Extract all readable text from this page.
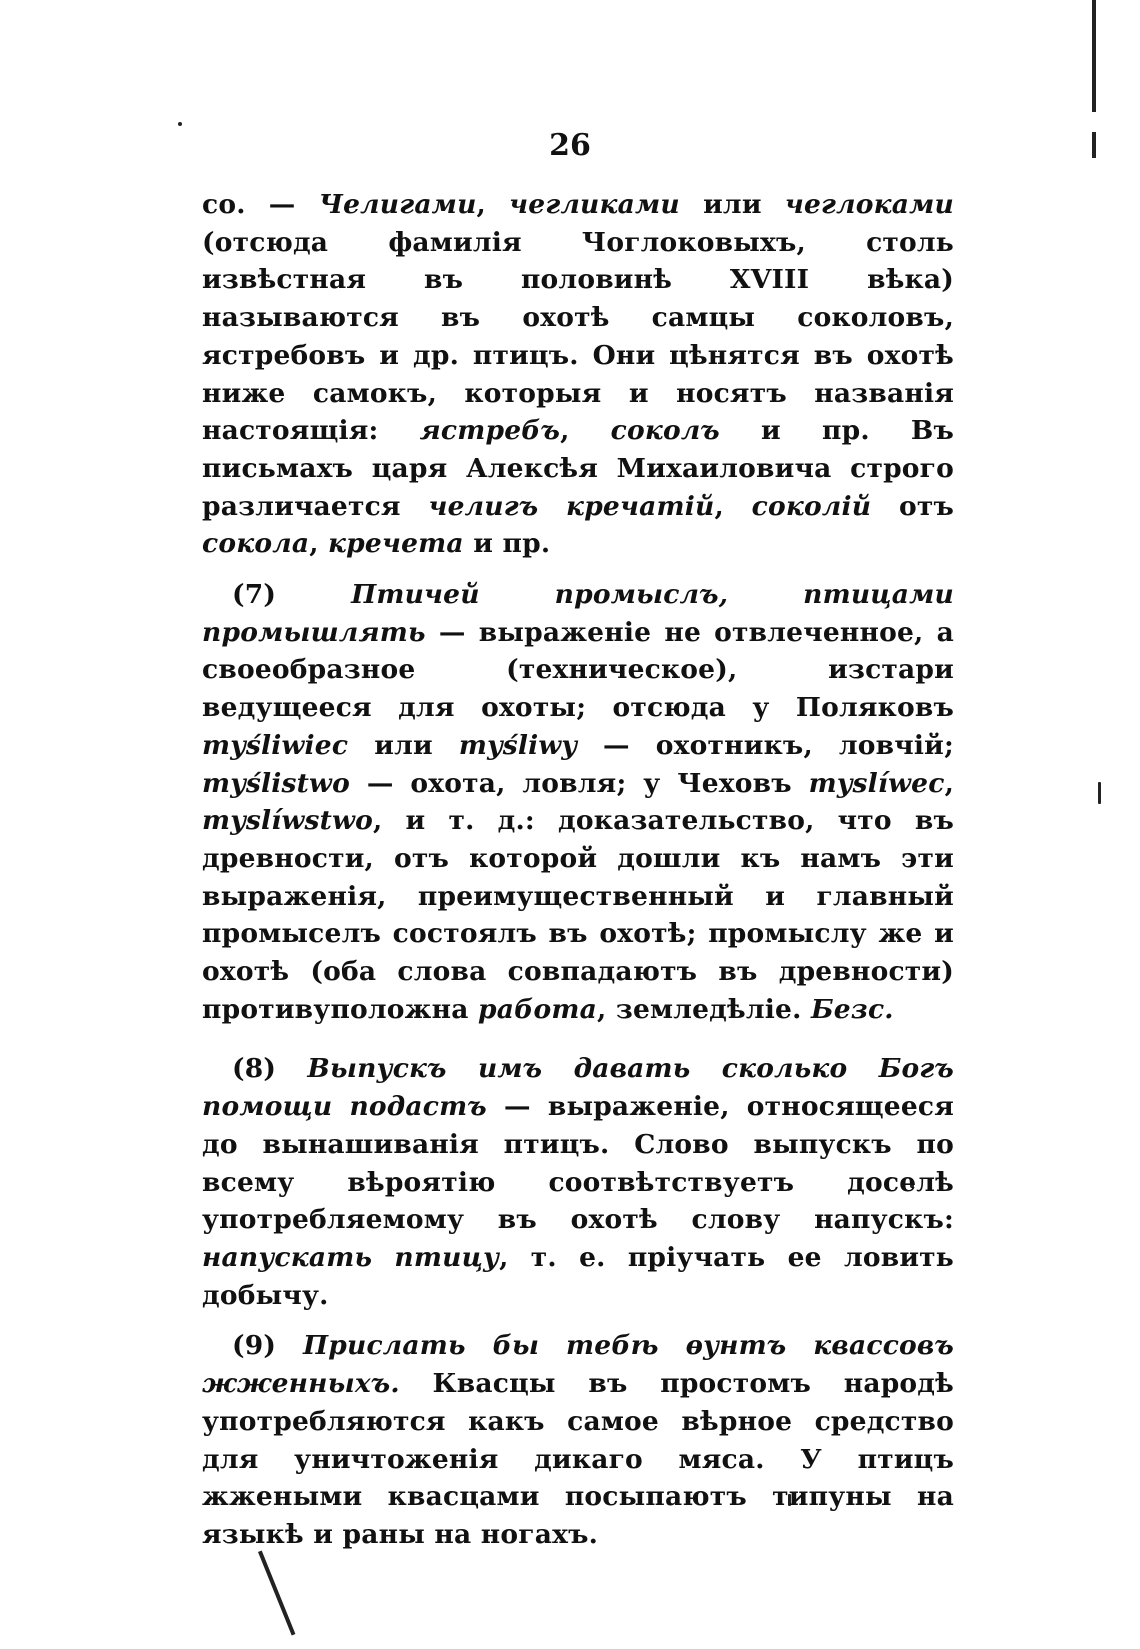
26

со. — Челигами, чегликами или чеглоками (отсюда фамилія Чоглоковыхъ, столь извѣстная въ половинѣ XVIII вѣка) называются въ охотѣ самцы соколовъ, ястребовъ и др. птицъ. Они цѣнятся въ охотѣ ниже самокъ, которыя и носятъ названія настоящія: ястребъ, соколъ и пр. Въ письмахъ царя Алексѣя Михаиловича строго различается челигъ кречатій, соколій отъ сокола, кречета и пр.

(7) Птичей промыслъ, птицами промышлять — выраженіе не отвлеченное, а своеобразное (техническое), изстари ведущееся для охоты; отсюда у Поляковъ myśliwiec или myśliwy — охотникъ, ловчій; myślistwo — охота, ловля; у Чеховъ myslíwec, myslíwstwo, и т. д.: доказательство, что въ древности, отъ которой дошли къ намъ эти выраженія, преимущественный и главный промыселъ состоялъ въ охотѣ; промыслу же и охотѣ (оба слова совпадаютъ въ древности) противуположна работа, земледѣліе. Безс.

(8) Выпускъ имъ давать сколько Богъ помощи подастъ — выраженіе, относящееся до вынашиванія птицъ. Слово выпускъ по всему вѣроятію соотвѣтствуетъ доселѣ употребляемому въ охотѣ слову напускъ: напускать птицу, т. е. пріучать ее ловить добычу.

(9) Прислать бы тебѣ ѳунтъ квассовъ жженныхъ. Квасцы въ простомъ народѣ употребляются какъ самое вѣрное средство для уничтоженія дикаго мяса. У птицъ жжеными квасцами посыпаютъ типуны на языкѣ и раны на ногахъ.
